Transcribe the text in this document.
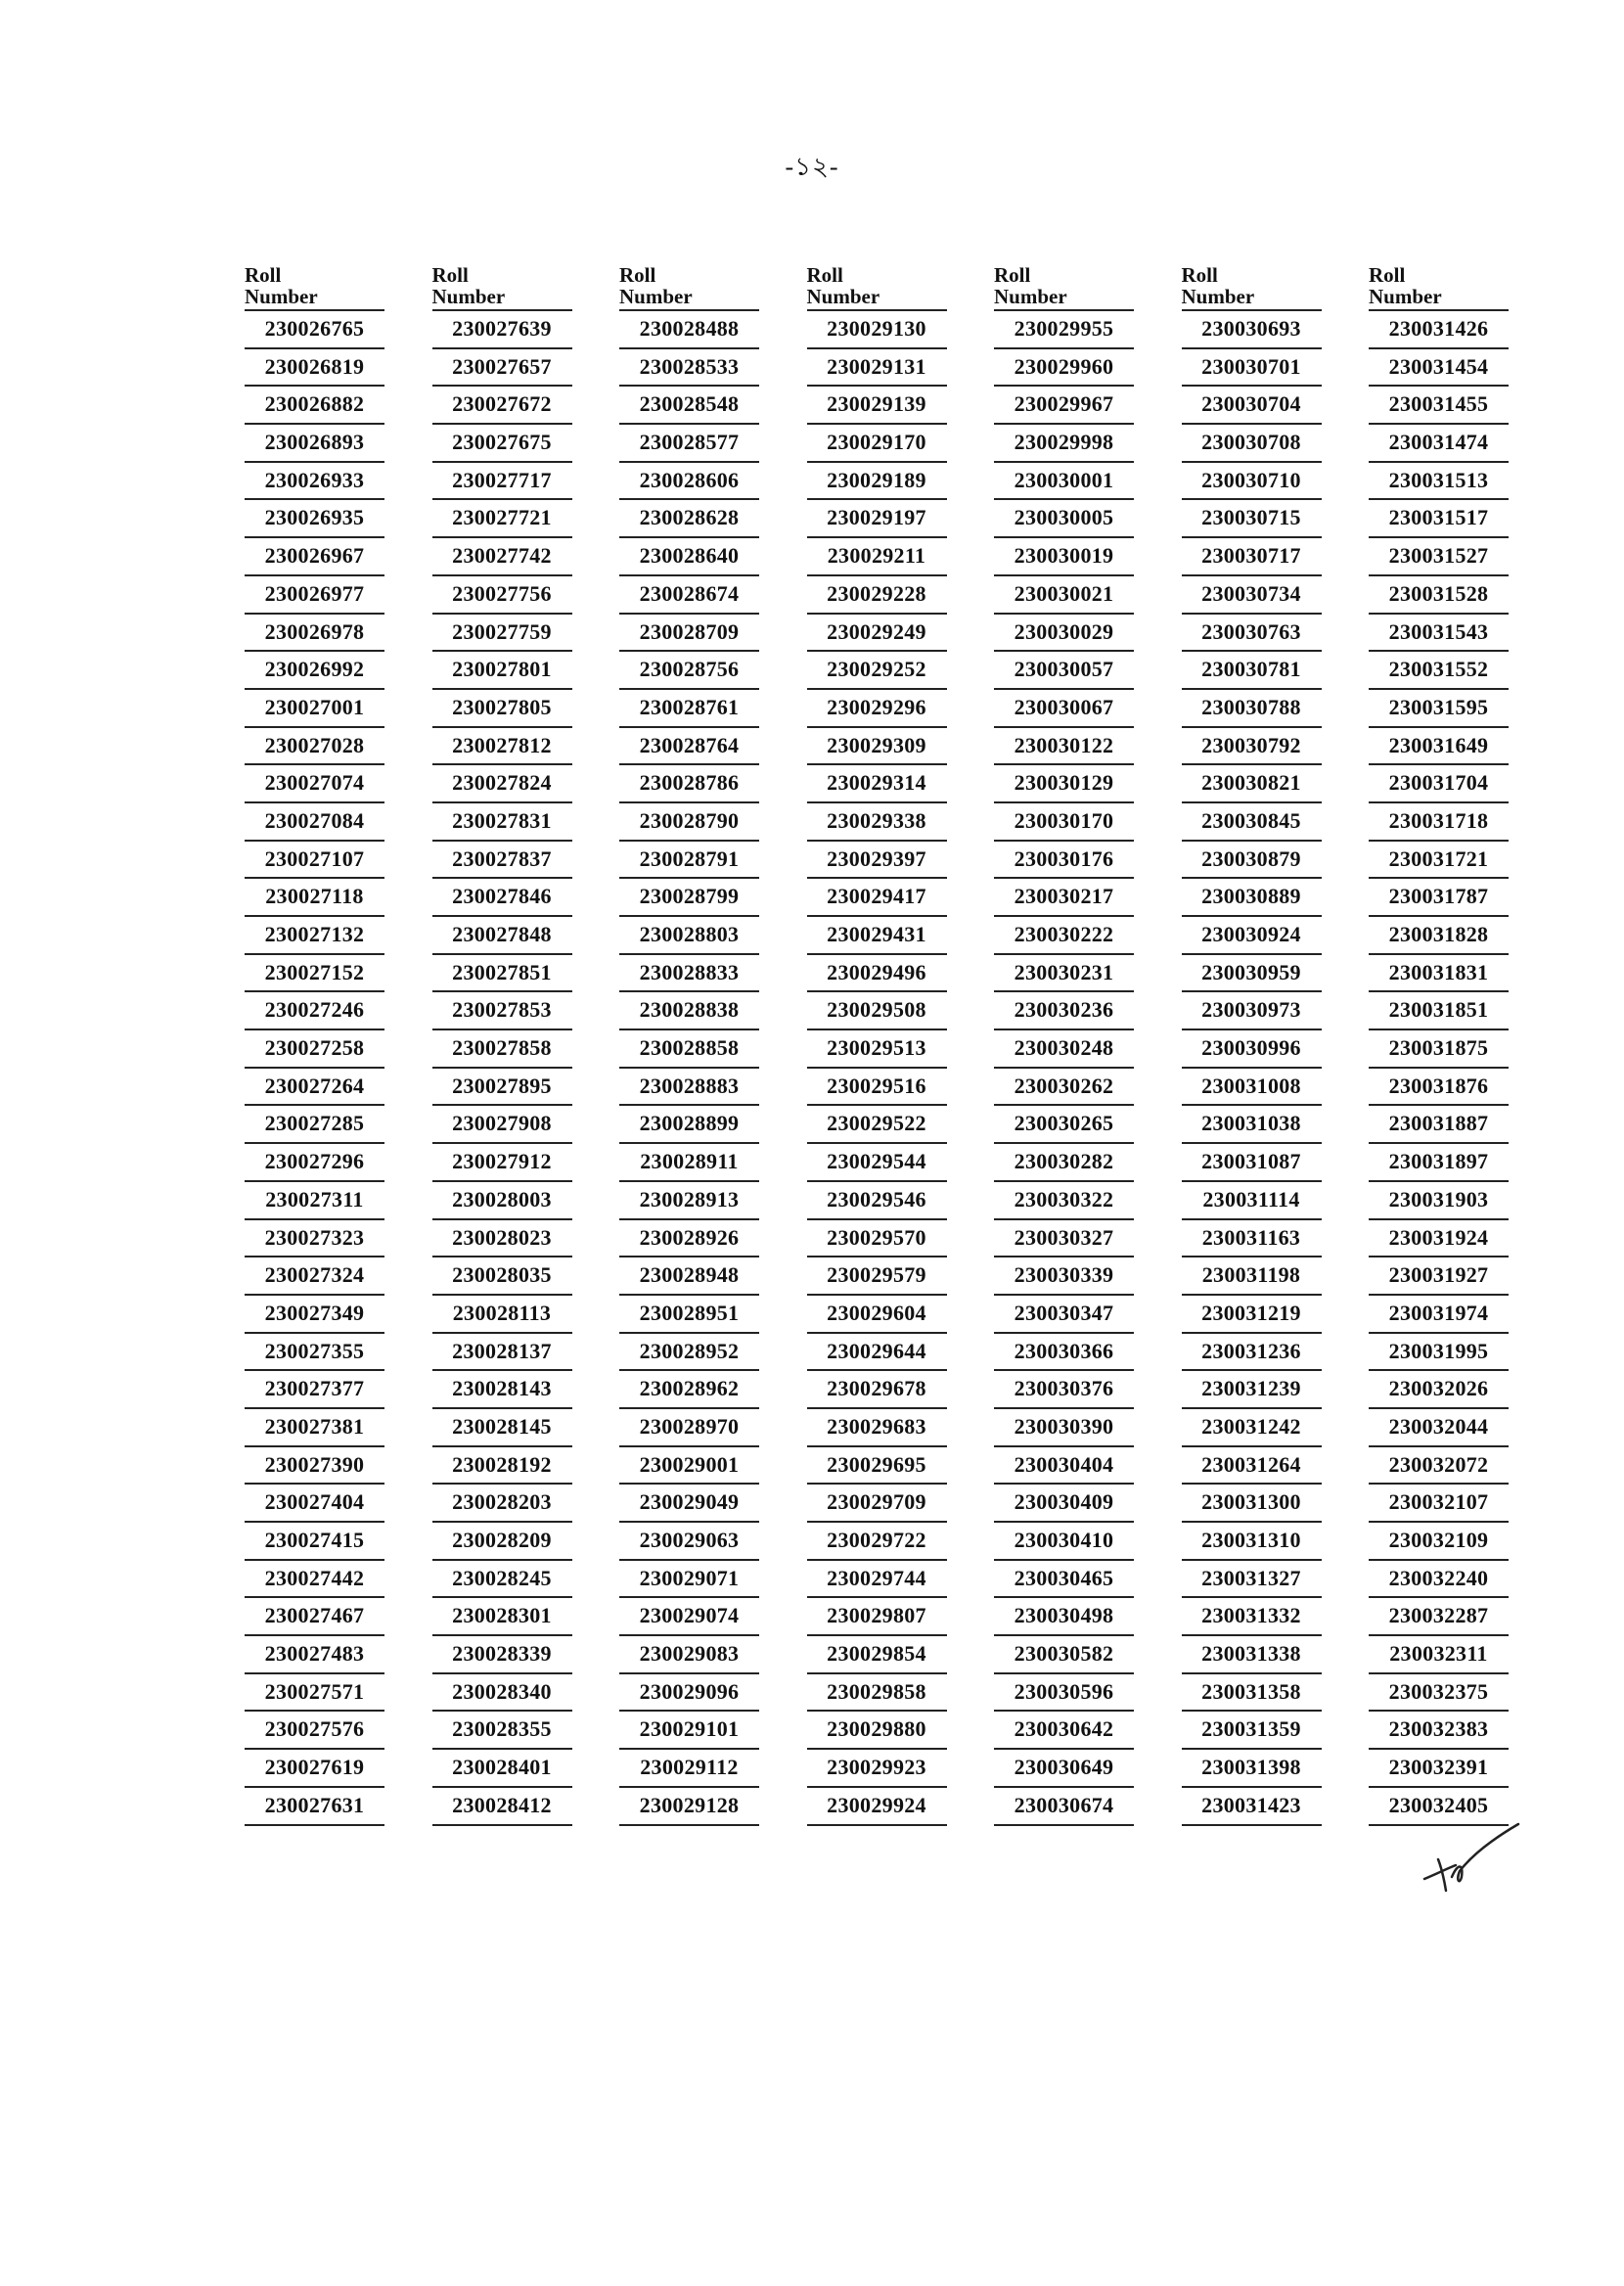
-১২-
Roll
Number
230026765
230026819
230026882
230026893
230026933
230026935
230026967
230026977
230026978
230026992
230027001
230027028
230027074
230027084
230027107
230027118
230027132
230027152
230027246
230027258
230027264
230027285
230027296
230027311
230027323
230027324
230027349
230027355
230027377
230027381
230027390
230027404
230027415
230027442
230027467
230027483
230027571
230027576
230027619
230027631
Roll
Number
230027639
230027657
230027672
230027675
230027717
230027721
230027742
230027756
230027759
230027801
230027805
230027812
230027824
230027831
230027837
230027846
230027848
230027851
230027853
230027858
230027895
230027908
230027912
230028003
230028023
230028035
230028113
230028137
230028143
230028145
230028192
230028203
230028209
230028245
230028301
230028339
230028340
230028355
230028401
230028412
Roll
Number
230028488
230028533
230028548
230028577
230028606
230028628
230028640
230028674
230028709
230028756
230028761
230028764
230028786
230028790
230028791
230028799
230028803
230028833
230028838
230028858
230028883
230028899
230028911
230028913
230028926
230028948
230028951
230028952
230028962
230028970
230029001
230029049
230029063
230029071
230029074
230029083
230029096
230029101
230029112
230029128
Roll
Number
230029130
230029131
230029139
230029170
230029189
230029197
230029211
230029228
230029249
230029252
230029296
230029309
230029314
230029338
230029397
230029417
230029431
230029496
230029508
230029513
230029516
230029522
230029544
230029546
230029570
230029579
230029604
230029644
230029678
230029683
230029695
230029709
230029722
230029744
230029807
230029854
230029858
230029880
230029923
230029924
Roll
Number
230029955
230029960
230029967
230029998
230030001
230030005
230030019
230030021
230030029
230030057
230030067
230030122
230030129
230030170
230030176
230030217
230030222
230030231
230030236
230030248
230030262
230030265
230030282
230030322
230030327
230030339
230030347
230030366
230030376
230030390
230030404
230030409
230030410
230030465
230030498
230030582
230030596
230030642
230030649
230030674
Roll
Number
230030693
230030701
230030704
230030708
230030710
230030715
230030717
230030734
230030763
230030781
230030788
230030792
230030821
230030845
230030879
230030889
230030924
230030959
230030973
230030996
230031008
230031038
230031087
230031114
230031163
230031198
230031219
230031236
230031239
230031242
230031264
230031300
230031310
230031327
230031332
230031338
230031358
230031359
230031398
230031423
Roll
Number
230031426
230031454
230031455
230031474
230031513
230031517
230031527
230031528
230031543
230031552
230031595
230031649
230031704
230031718
230031721
230031787
230031828
230031831
230031851
230031875
230031876
230031887
230031897
230031903
230031924
230031927
230031974
230031995
230032026
230032044
230032072
230032107
230032109
230032240
230032287
230032311
230032375
230032383
230032391
230032405
